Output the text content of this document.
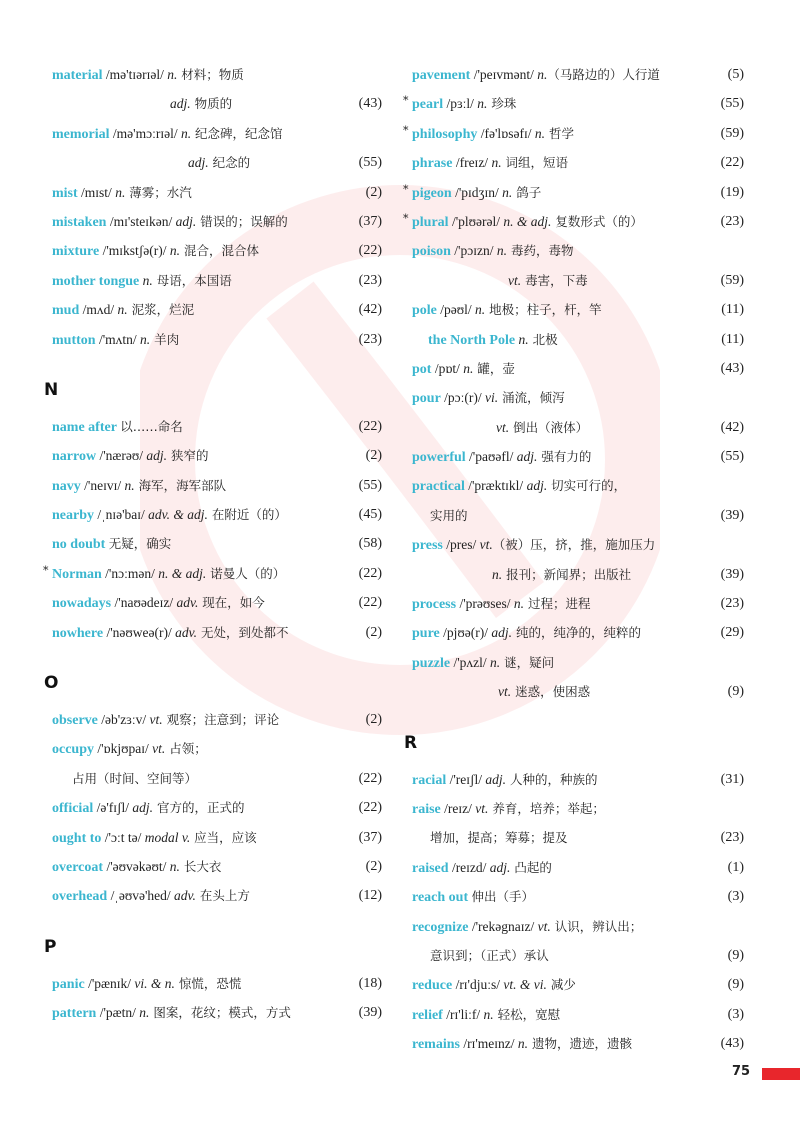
material /mə'tɪərɪəl/ n. 材料；物质
adj. 物质的	(43)
memorial /mə'mɔːrɪəl/ n. 纪念碑，纪念馆
adj. 纪念的	(55)
mist /mɪst/ n. 薄雾；水汽	(2)
mistaken /mɪ'steɪkən/ adj. 错误的；误解的	(37)
mixture /'mɪkstʃə(r)/ n. 混合，混合体	(22)
mother tongue n. 母语，本国语	(23)
mud /mʌd/ n. 泥浆，烂泥	(42)
mutton /'mʌtn/ n. 羊肉	(23)
N
name after 以……命名	(22)
narrow /'nærəʊ/ adj. 狭窄的	(2)
navy /'neɪvɪ/ n. 海军，海军部队	(55)
nearby /ˌnɪə'baɪ/ adv. & adj. 在附近（的）	(45)
no doubt 无疑，确实	(58)
* Norman /'nɔːmən/ n. & adj. 诺曼人（的）	(22)
nowadays /'naʊədeɪz/ adv. 现在，如今	(22)
nowhere /'nəʊweə(r)/ adv. 无处，到处都不	(2)
O
observe /əb'zɜːv/ vt. 观察；注意到；评论	(2)
occupy /'ɒkjʊpaɪ/ vt. 占领；
占用（时间、空间等）	(22)
official /ə'fɪʃl/ adj. 官方的，正式的	(22)
ought to /'ɔːt tə/ modal v. 应当，应该	(37)
overcoat /'əʊvəkəʊt/ n. 长大衣	(2)
overhead /ˌəʊvə'hed/ adv. 在头上方	(12)
P
panic /'pænɪk/ vi. & n. 惊慌，恐慌	(18)
pattern /'pætn/ n. 图案，花纹；模式，方式	(39)
pavement /'peɪvmənt/ n.（马路边的）人行道	(5)
* pearl /pɜːl/ n. 珍珠	(55)
* philosophy /fə'lɒsəfɪ/ n. 哲学	(59)
phrase /freɪz/ n. 词组，短语	(22)
* pigeon /'pɪdʒɪn/ n. 鸽子	(19)
* plural /'plʊərəl/ n. & adj. 复数形式（的）	(23)
poison /'pɔɪzn/ n. 毒药，毒物
vt. 毒害，下毒	(59)
pole /pəʊl/ n. 地极；柱子，杆，竿	(11)
the North Pole n. 北极	(11)
pot /pɒt/ n. 罐，壶	(43)
pour /pɔː(r)/ vi. 涌流，倾泻
vt. 倒出（液体）	(42)
powerful /'paʊəfl/ adj. 强有力的	(55)
practical /'præktɪkl/ adj. 切实可行的，
实用的	(39)
press /pres/ vt.（被）压，挤，推，施加压力
n. 报刊；新闻界；出版社	(39)
process /'prəʊses/ n. 过程；进程	(23)
pure /pjʊə(r)/ adj. 纯的，纯净的，纯粹的	(29)
puzzle /'pʌzl/ n. 谜，疑问
vt. 迷惑，使困惑	(9)
R
racial /'reɪʃl/ adj. 人种的，种族的	(31)
raise /reɪz/ vt. 养育，培养；举起；
增加，提高；筹募；提及	(23)
raised /reɪzd/ adj. 凸起的	(1)
reach out 伸出（手）	(3)
recognize /'rekəgnaɪz/ vt. 认识，辨认出；
意识到；（正式）承认	(9)
reduce /rɪ'djuːs/ vt. & vi. 减少	(9)
relief /rɪ'liːf/ n. 轻松，宽慰	(3)
remains /rɪ'meɪnz/ n. 遗物，遗迹，遗骸	(43)
75
